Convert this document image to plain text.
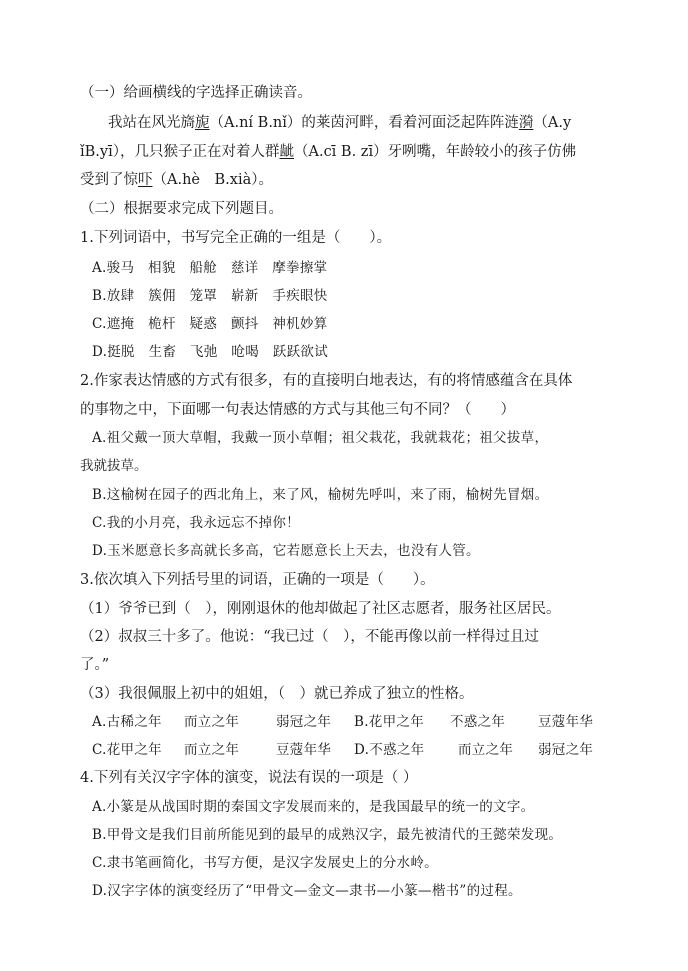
（一）给画横线的字选择正确读音。
我站在风光旖旎（A.ní B.nǐ）的莱茵河畔，看着河面泛起阵阵涟漪（A.y
ǐB.yī），几只猴子正在对着人群龇（A.cī B. zī）牙咧嘴，年龄较小的孩子仿佛
受到了惊吓（A.hè　B.xià）。
（二）根据要求完成下列题目。
1.下列词语中，书写完全正确的一组是（　　）。
A.骏马　相貌　船舱　慈详　摩拳擦掌
B.放肆　簇佣　笼罩　崭新　手疾眼快
C.遮掩　桅杆　疑惑　颤抖　神机妙算
D.挺脱　生畜　飞弛　呛喝　跃跃欲试
2.作家表达情感的方式有很多，有的直接明白地表达，有的将情感蕴含在具体
的事物之中，下面哪一句表达情感的方式与其他三句不同？（　　）
A.祖父戴一顶大草帽，我戴一顶小草帽；祖父栽花，我就栽花；祖父拔草，
我就拔草。
B.这榆树在园子的西北角上，来了风，榆树先呼叫，来了雨，榆树先冒烟。
C.我的小月亮，我永远忘不掉你！
D.玉米愿意长多高就长多高，它若愿意长上天去，也没有人管。
3.依次填入下列括号里的词语，正确的一项是（　　）。
（1）爷爷已到（　），刚刚退休的他却做起了社区志愿者，服务社区居民。
（2）叔叔三十多了。他说：“我已过（　），不能再像以前一样得过且过
了。”
（3）我很佩服上初中的姐姐，（　）就已养成了独立的性格。
A.古稀之年 而立之年	弱冠之年	B.花甲之年 不惑之年 豆蔻年华
C.花甲之年 而立之年	豆蔻年华	D.不惑之年 而立之年 弱冠之年
4.下列有关汉字字体的演变，说法有误的一项是（ ）
A.小篆是从战国时期的秦国文字发展而来的，是我国最早的统一的文字。
B.甲骨文是我们目前所能见到的最早的成熟汉字，最先被清代的王懿荣发现。
C.隶书笔画简化，书写方便，是汉字发展史上的分水岭。
D.汉字字体的演变经历了“甲骨文—金文—隶书—小篆—楷书”的过程。
